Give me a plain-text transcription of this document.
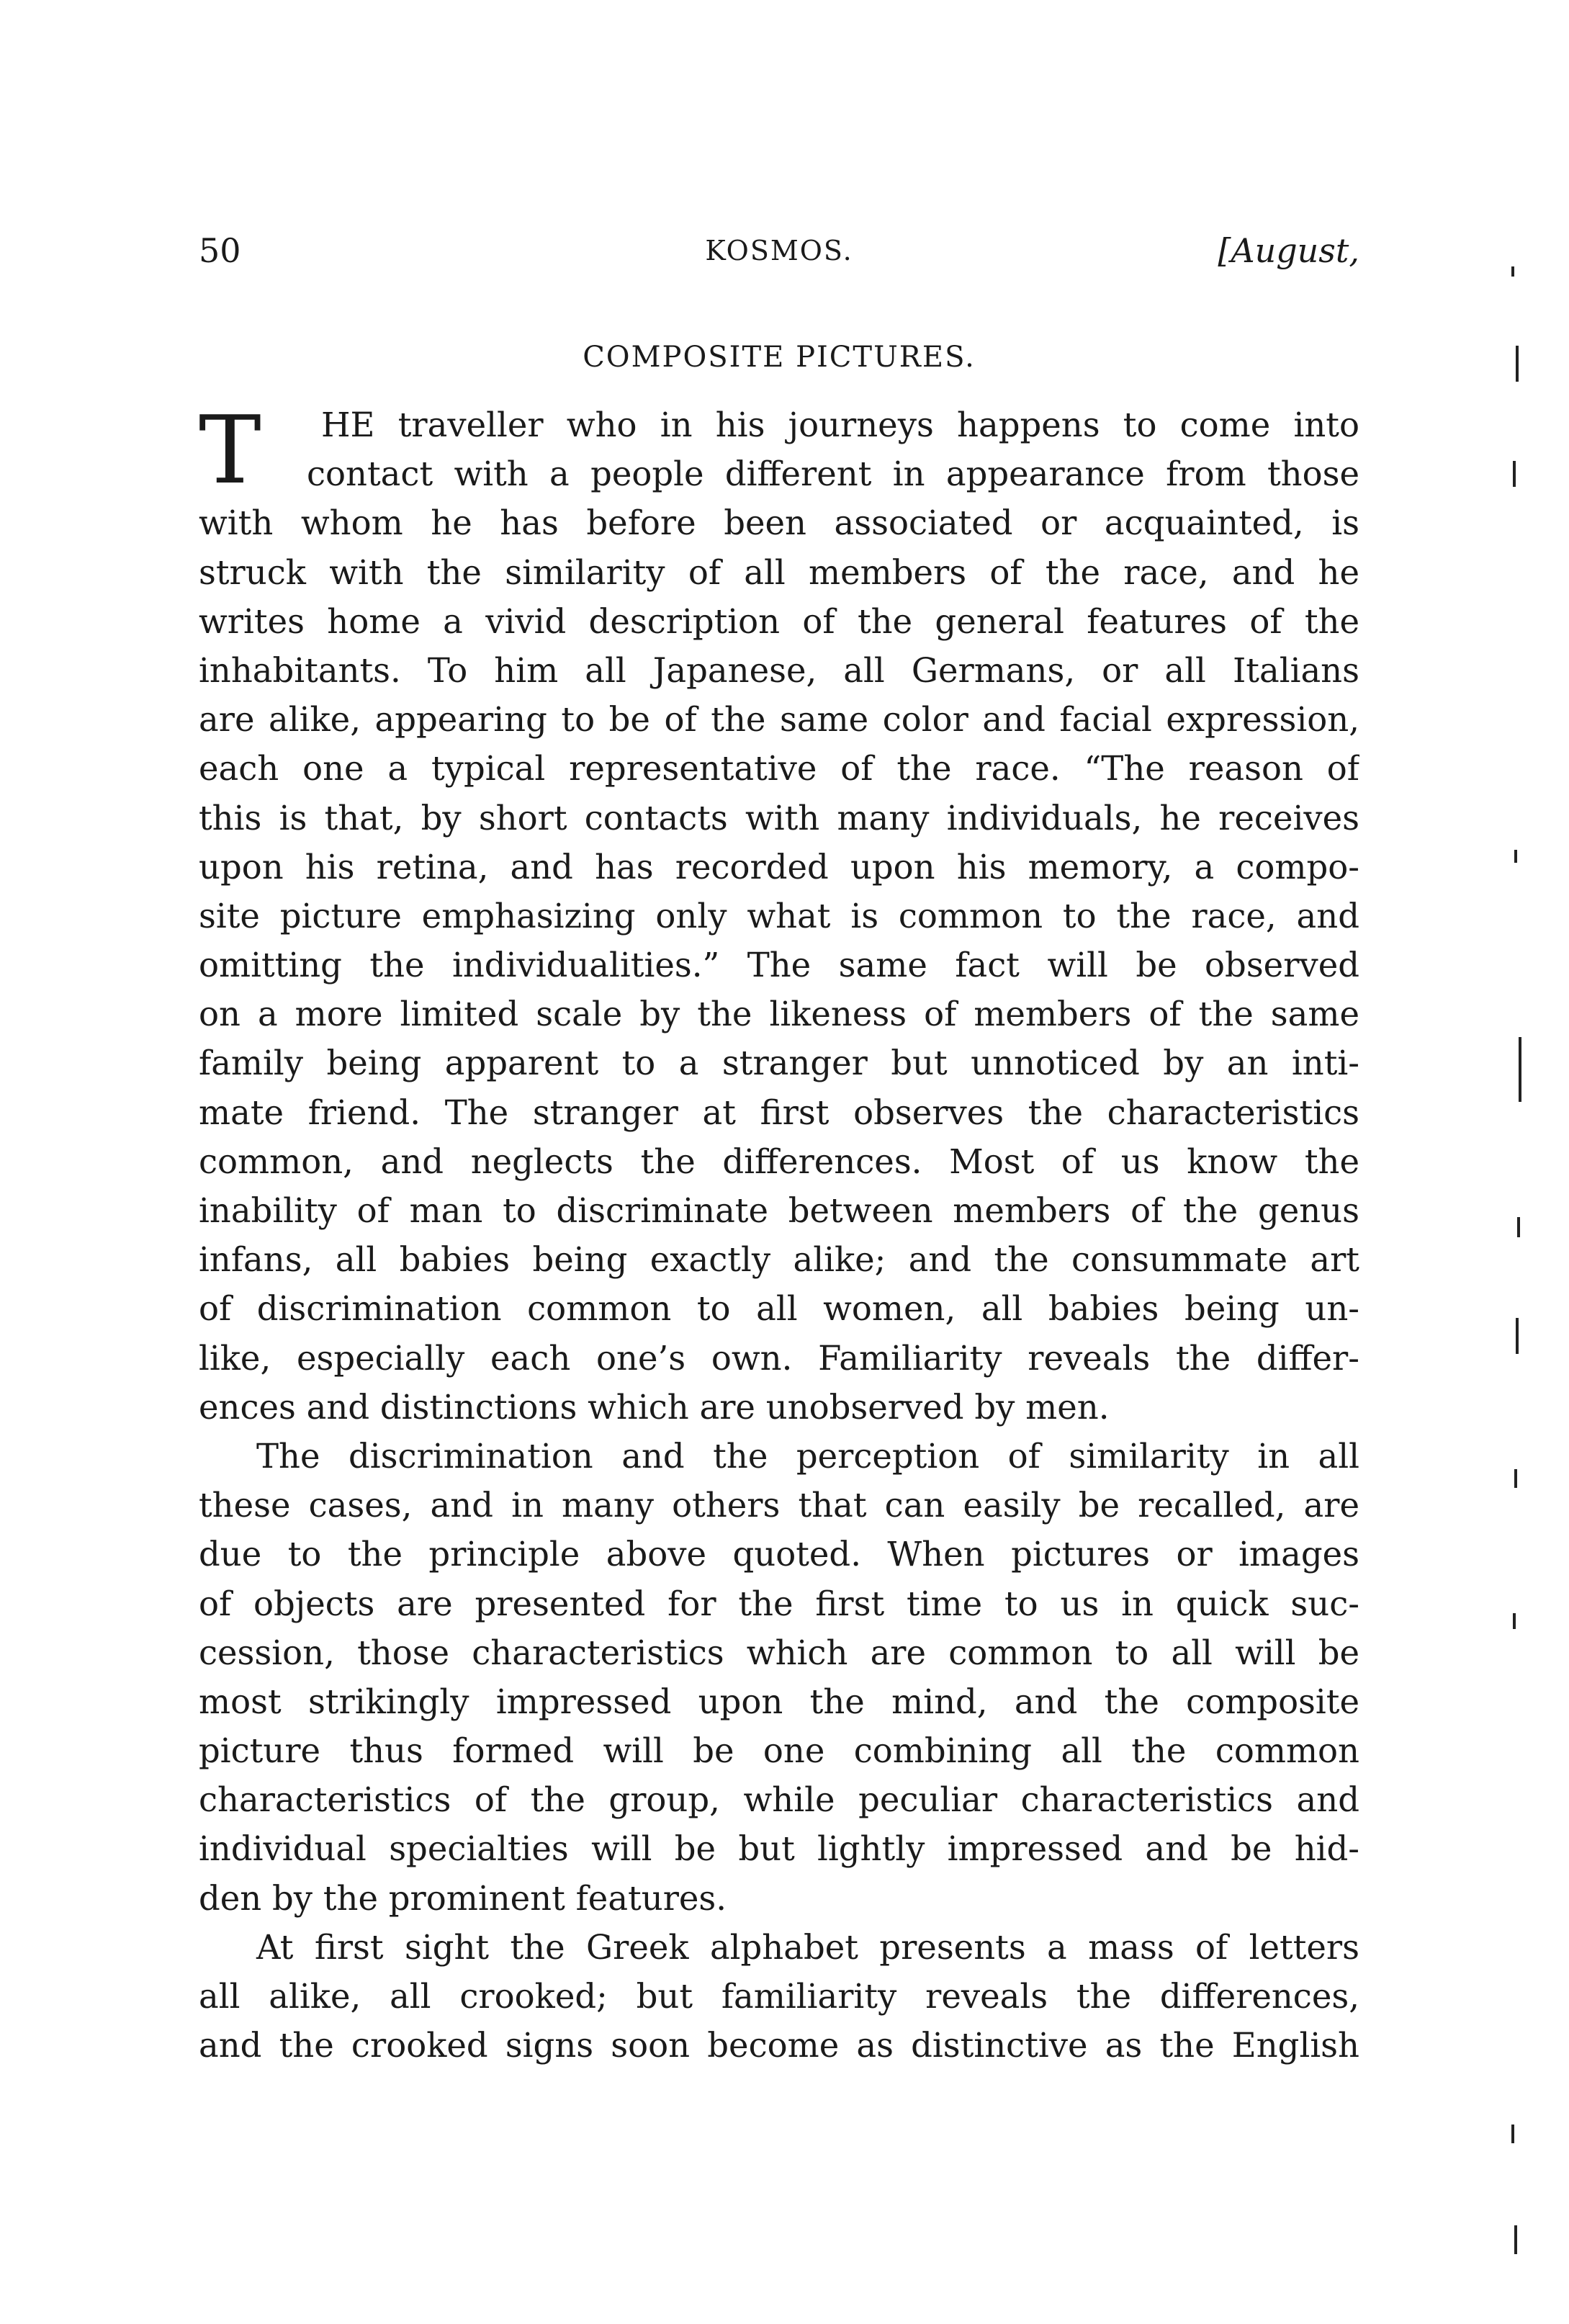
50	KOSMOS.	[August,
COMPOSITE PICTURES.
T	HE traveller who in his journeys happens to come into
contact with a people different in appearance from those
with whom he has before been associated or acquainted, is
struck with the similarity of all members of the race, and he
writes home a vivid description of the general features of the
inhabitants. To him all Japanese, all Germans, or all Italians
are alike, appearing to be of the same color and facial expression,
each one a typical representative of the race. “The reason of
this is that, by short contacts with many individuals, he receives
upon his retina, and has recorded upon his memory, a compo-
site picture emphasizing only what is common to the race, and
omitting the individualities.” The same fact will be observed
on a more limited scale by the likeness of members of the same
family being apparent to a stranger but unnoticed by an inti-
mate friend. The stranger at first observes the characteristics
common, and neglects the differences. Most of us know the
inability of man to discriminate between members of the genus
infans, all babies being exactly alike; and the consummate art
of discrimination common to all women, all babies being un-
like, especially each one’s own. Familiarity reveals the differ-
ences and distinctions which are unobserved by men.
The discrimination and the perception of similarity in all
these cases, and in many others that can easily be recalled, are
due to the principle above quoted. When pictures or images
of objects are presented for the first time to us in quick suc-
cession, those characteristics which are common to all will be
most strikingly impressed upon the mind, and the composite
picture thus formed will be one combining all the common
characteristics of the group, while peculiar characteristics and
individual specialties will be but lightly impressed and be hid-
den by the prominent features.
At first sight the Greek alphabet presents a mass of letters
all alike, all crooked; but familiarity reveals the differences,
and the crooked signs soon become as distinctive as the English
